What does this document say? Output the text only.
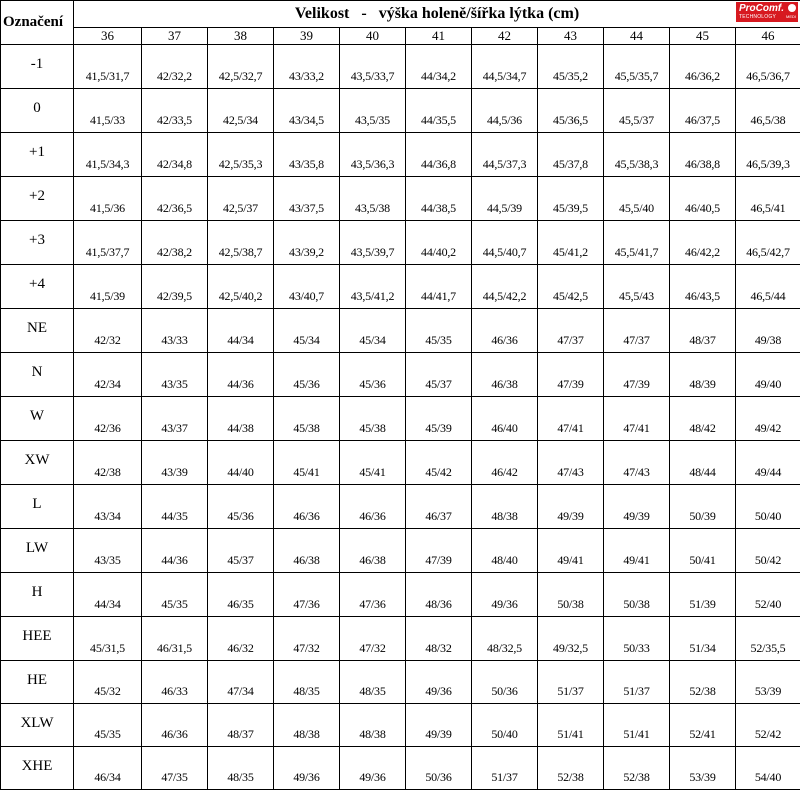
Označení	Velikost   -   výška holeně/šířka lýtka (cm) ProComf.
TECHNOLOGY MEDI										

	36	37	38	39	40	41	42	43	44	45	46
-1	41,5/31,7	42/32,2	42,5/32,7	43/33,2	43,5/33,7	44/34,2	44,5/34,7	45/35,2	45,5/35,7	46/36,2	46,5/36,7
0	41,5/33	42/33,5	42,5/34	43/34,5	43,5/35	44/35,5	44,5/36	45/36,5	45,5/37	46/37,5	46,5/38
+1	41,5/34,3	42/34,8	42,5/35,3	43/35,8	43,5/36,3	44/36,8	44,5/37,3	45/37,8	45,5/38,3	46/38,8	46,5/39,3
+2	41,5/36	42/36,5	42,5/37	43/37,5	43,5/38	44/38,5	44,5/39	45/39,5	45,5/40	46/40,5	46,5/41
+3	41,5/37,7	42/38,2	42,5/38,7	43/39,2	43,5/39,7	44/40,2	44,5/40,7	45/41,2	45,5/41,7	46/42,2	46,5/42,7
+4	41,5/39	42/39,5	42,5/40,2	43/40,7	43,5/41,2	44/41,7	44,5/42,2	45/42,5	45,5/43	46/43,5	46,5/44
NE	42/32	43/33	44/34	45/34	45/34	45/35	46/36	47/37	47/37	48/37	49/38
N	42/34	43/35	44/36	45/36	45/36	45/37	46/38	47/39	47/39	48/39	49/40
W	42/36	43/37	44/38	45/38	45/38	45/39	46/40	47/41	47/41	48/42	49/42
XW	42/38	43/39	44/40	45/41	45/41	45/42	46/42	47/43	47/43	48/44	49/44
L	43/34	44/35	45/36	46/36	46/36	46/37	48/38	49/39	49/39	50/39	50/40
LW	43/35	44/36	45/37	46/38	46/38	47/39	48/40	49/41	49/41	50/41	50/42
H	44/34	45/35	46/35	47/36	47/36	48/36	49/36	50/38	50/38	51/39	52/40
HEE	45/31,5	46/31,5	46/32	47/32	47/32	48/32	48/32,5	49/32,5	50/33	51/34	52/35,5
HE	45/32	46/33	47/34	48/35	48/35	49/36	50/36	51/37	51/37	52/38	53/39
XLW	45/35	46/36	48/37	48/38	48/38	49/39	50/40	51/41	51/41	52/41	52/42
XHE	46/34	47/35	48/35	49/36	49/36	50/36	51/37	52/38	52/38	53/39	54/40
